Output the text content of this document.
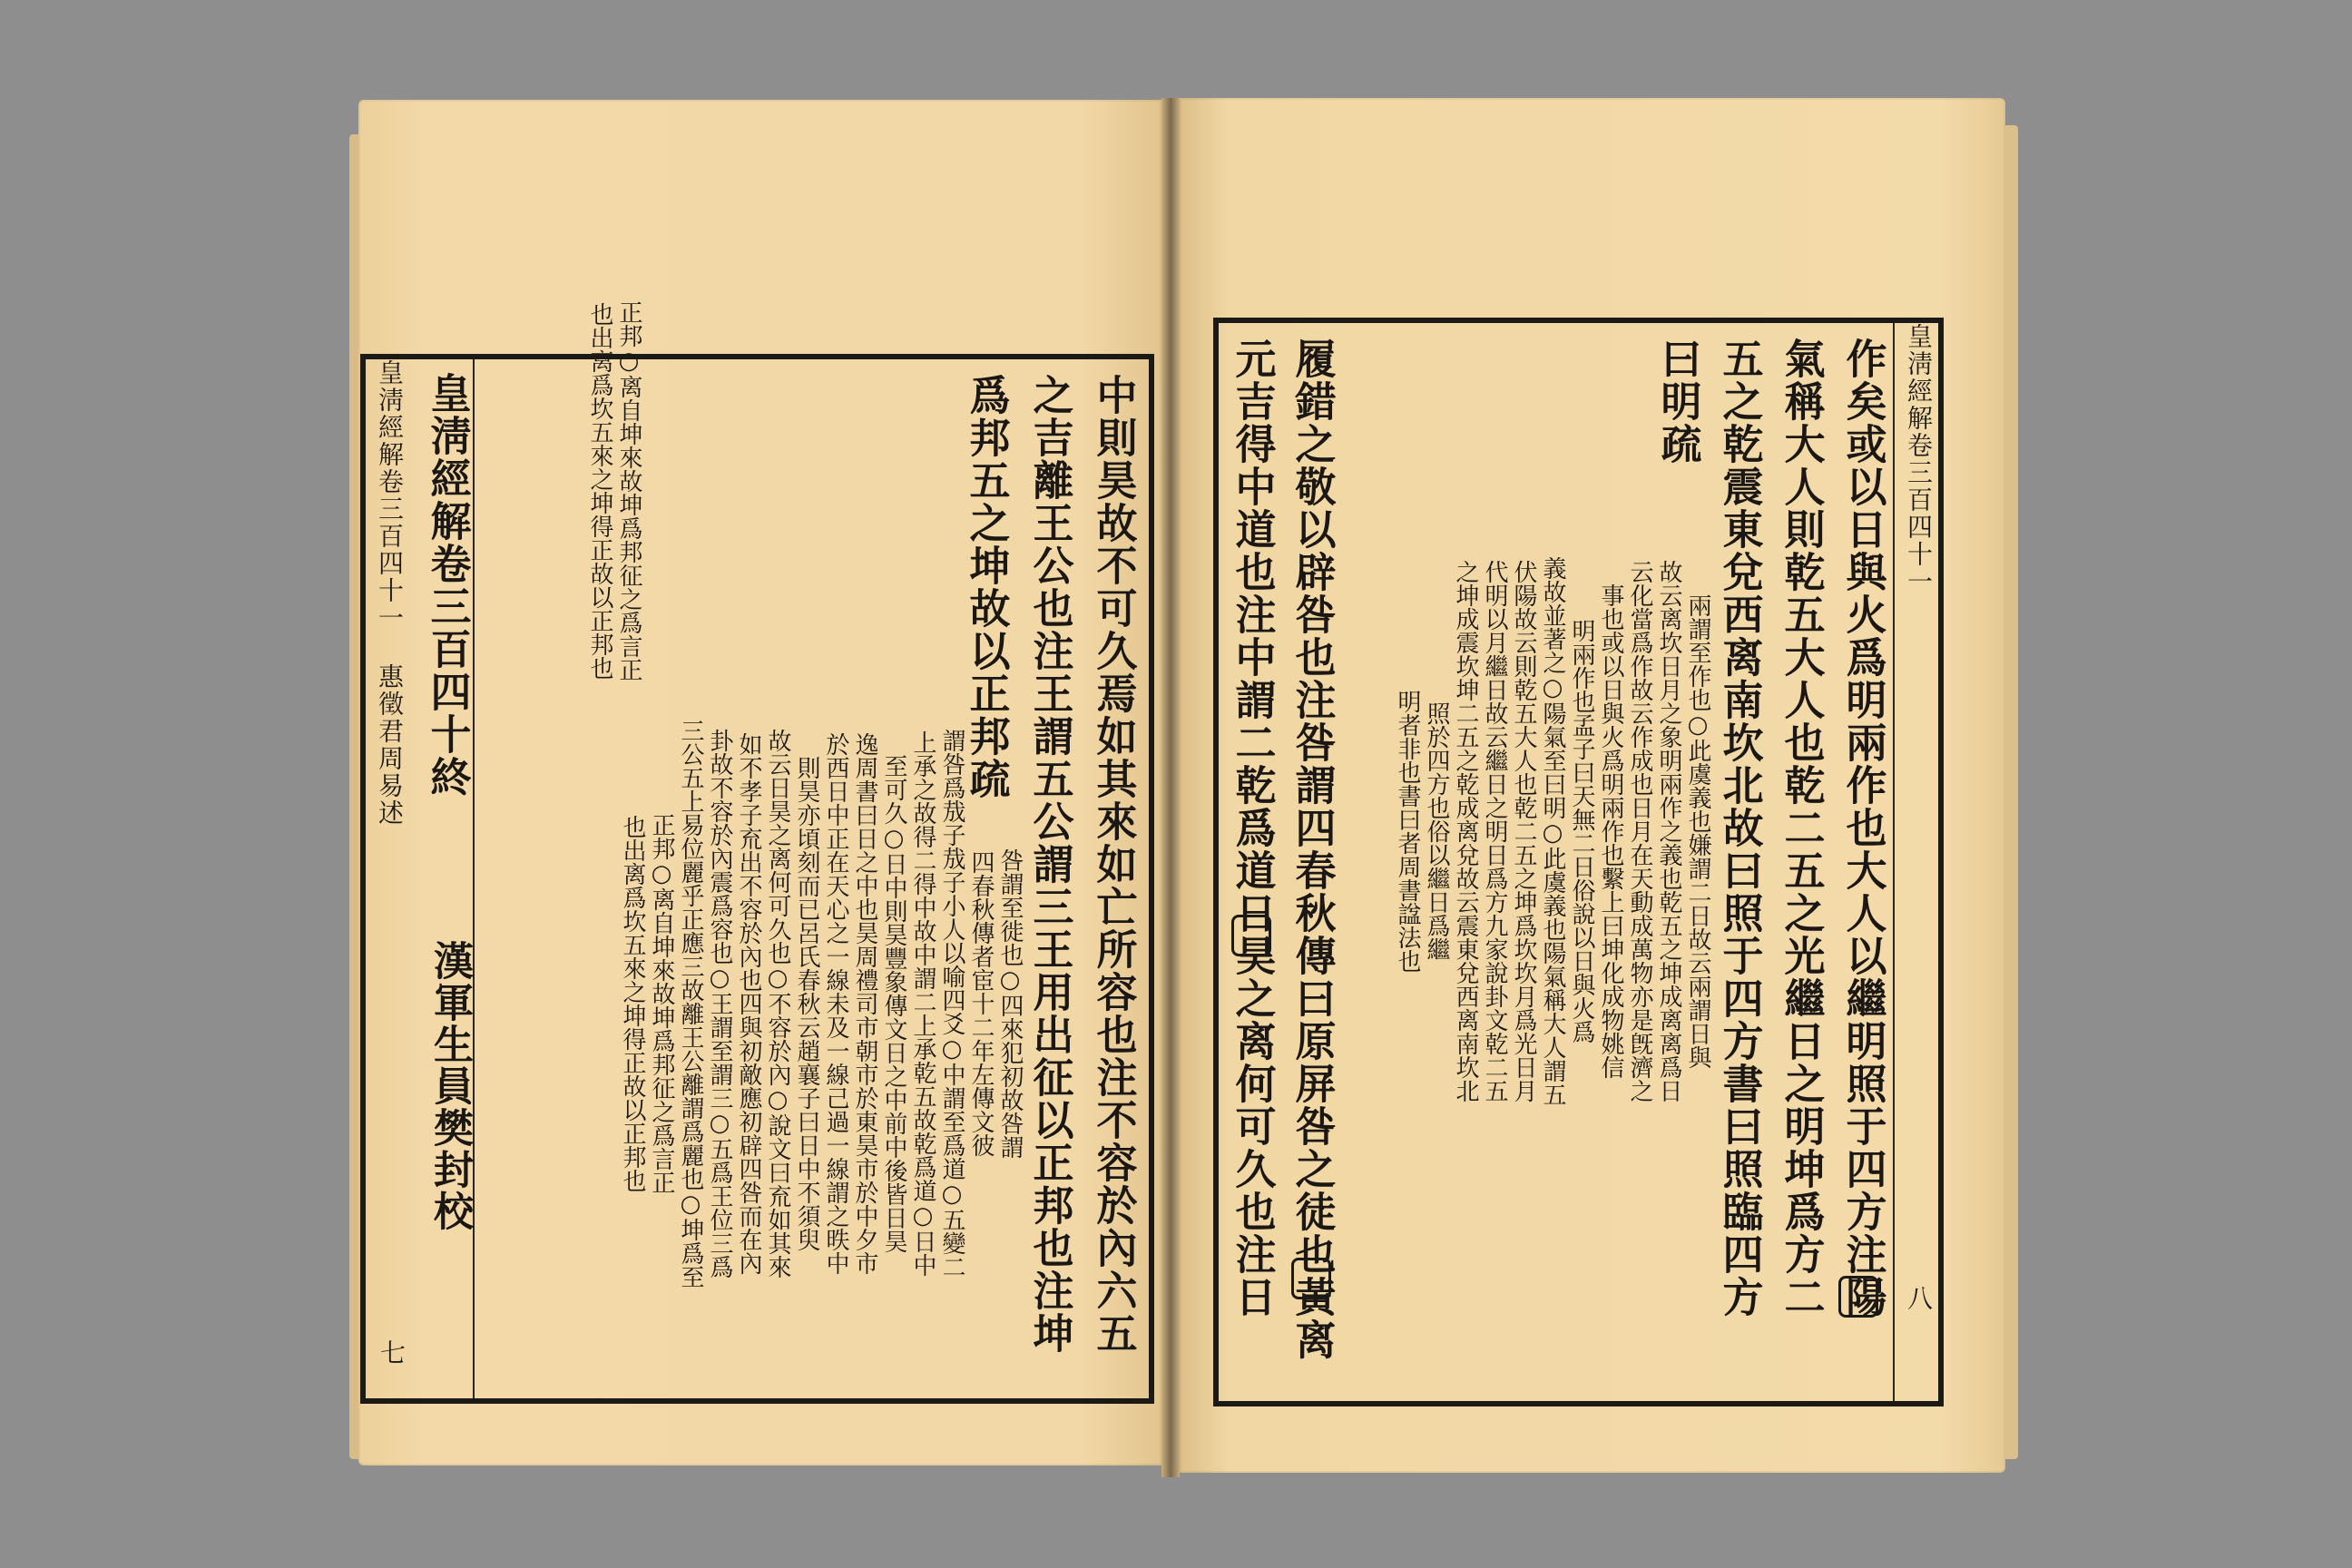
中則昊故不可久焉如其來如亡所容也注不容於內六五
之吉離王公也注王謂五公謂三王用出征以正邦也注坤
爲邦五之坤故以正邦疏
咎謂至徙也○四來犯初故咎謂
四春秋傳者宦十二年左傳文彼
謂咎爲㦲子㦲子小人以喻四爻○中謂至爲道○五變二
上承之故得二得中故中謂二上承乾五故乾爲道○日中
至可久○日中則昊豐象傳文日之中前中後皆日昊
逸周書曰日之中也昊周禮司市朝市於東昊市於中夕市
於西日中正在天心之一線未及一線己過一線謂之昳中
則昊亦頃刻而已呂氏春秋云趙襄子曰日中不須臾
故云日昊之离何可久也○不容於內○說文曰㐬如其來
如不孝子㐬出不容於內也四與初敵應初辟四咎而在內
卦故不容於內震爲容也○王謂至謂三○五爲王位三爲
三公五上易位麗乎正應三故離王公離謂爲麗也○坤爲至
正邦○离自坤來故坤爲邦征之爲言正
也出离爲坎五來之坤得正故以正邦也
正邦○离自坤來故坤爲邦征之爲言正
也出离爲坎五來之坤得正故以正邦也
皇淸經解卷三百四十終
漢軍生員樊封校
皇淸經解卷三百四十一 惠徵君周易述
七
皇淸經解卷三百四十一
八
作矣或以日與火爲明兩作也大人以繼明照于四方注陽
氣稱大人則乾五大人也乾二五之光繼日之明坤爲方二
五之乾震東兌西离南坎北故曰照于四方書曰照臨四方
曰明疏
兩謂至作也○此虞義也嫌謂二日故云兩謂日與
故云离坎日月之象明兩作之義也乾五之坤成离离爲日
云化當爲作故云作成也日月在天動成萬物亦是旣濟之
事也或以日與火爲明兩作也繫上曰坤化成物姚信
明兩作也孟子曰天無二日俗說以日與火爲
義故並著之○陽氣至曰明○此虞義也陽氣稱大人謂五
伏陽故云則乾五大人也乾二五之坤爲坎坎月爲光日月
代明以月繼日故云繼日之明日爲方九家說卦文乾二五
之坤成震坎坤二五之乾成离兌故云震東兌西离南坎北
照於四方也俗以繼日爲繼
明者非也書曰者周書諡法也
履錯之敬以辟咎也注咎謂四春秋傳曰原屏咎之徒也黃离
元吉得中道也注中謂二乾爲道日昊之离何可久也注日
